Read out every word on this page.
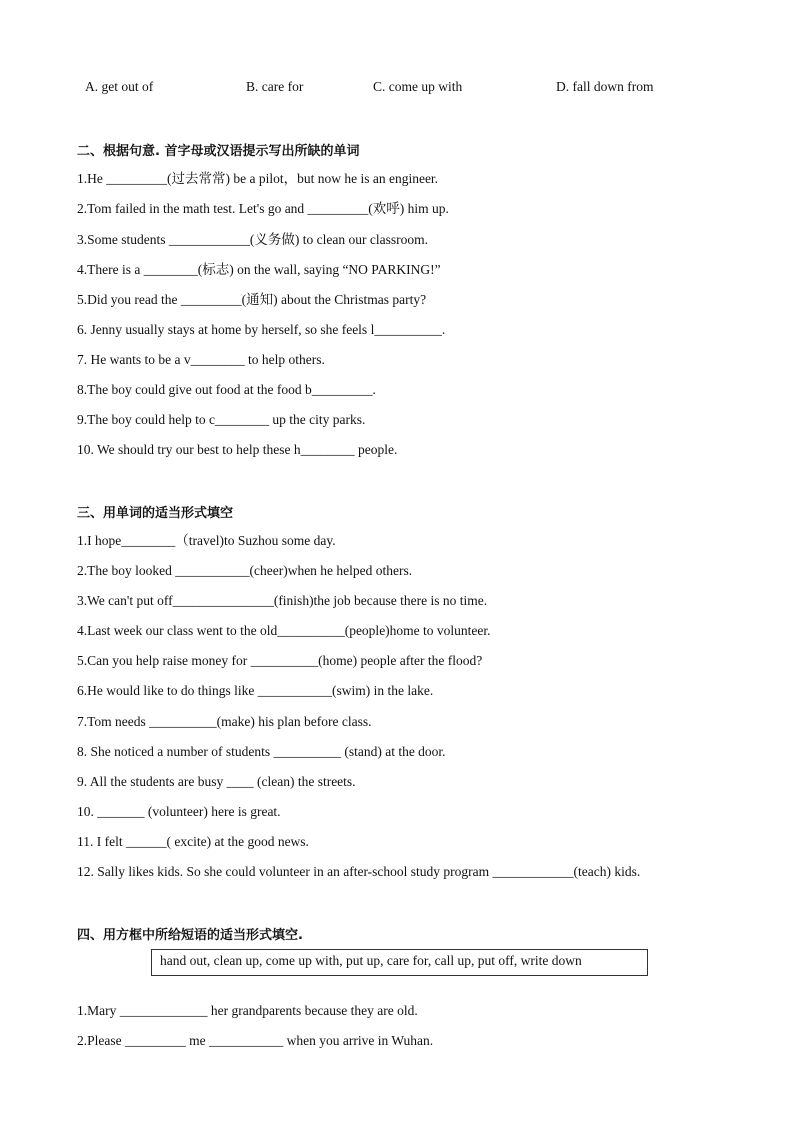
A. get out of	B. care for	C. come up with	D. fall down from
二、根据句意. 首字母或汉语提示写出所缺的单词
1.He _________(过去常常) be a pilot，but now he is an engineer.
2.Tom failed in the math test. Let's go and _________(欢呼) him up.
3.Some students ____________(义务做) to clean our classroom.
4.There is a ________(标志) on the wall, saying “NO PARKING!”
5.Did you read the _________(通知) about the Christmas party?
6. Jenny usually stays at home by herself, so she feels l__________.
7. He wants to be a v________ to help others.
8.The boy could give out food at the food b_________.
9.The boy could help to c________ up the city parks.
10. We should try our best to help these h________ people.
三、用单词的适当形式填空
1.I hope________（travel)to Suzhou some day.
2.The boy looked ___________(cheer)when he helped others.
3.We can't put off_______________(finish)the job because there is no time.
4.Last week our class went to the old__________(people)home to volunteer.
5.Can you help raise money for __________(home) people after the flood?
6.He would like to do things like ___________(swim) in the lake.
7.Tom needs __________(make) his plan before class.
8. She noticed a number of students __________ (stand) at the door.
9. All the students are busy ____ (clean) the streets.
10. _______ (volunteer) here is great.
11. I felt ______( excite) at the good news.
12. Sally likes kids. So she could volunteer in an after-school study program ____________(teach) kids.
四、用方框中所给短语的适当形式填空.
hand out, clean up, come up with, put up, care for, call up, put off, write down
1.Mary _____________ her grandparents because they are old.
2.Please _________ me ___________ when you arrive in Wuhan.
